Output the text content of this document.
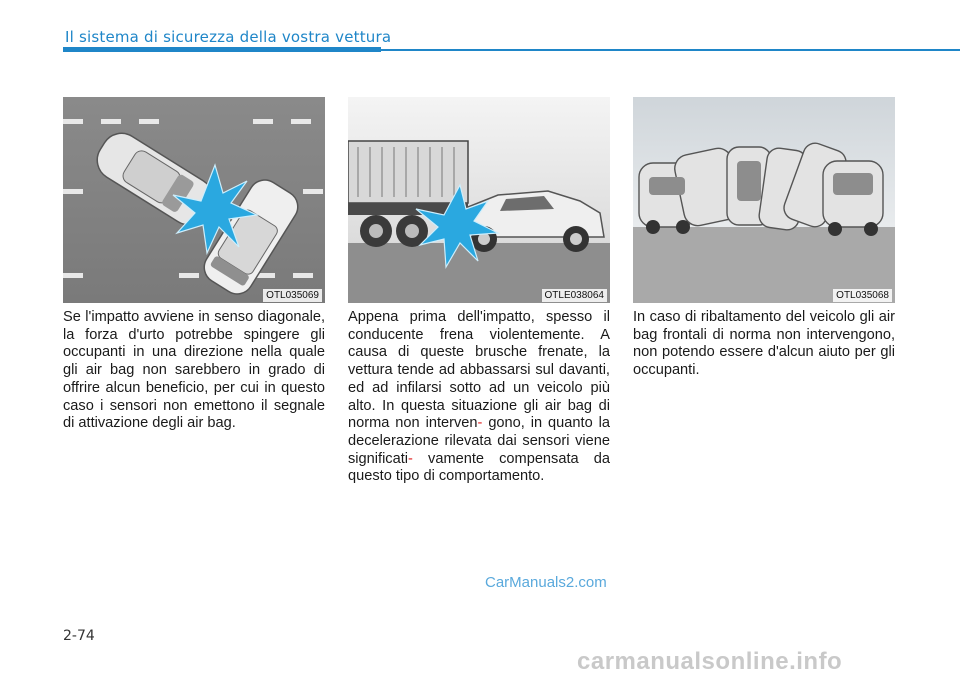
Il sistema di sicurezza della vostra vettura
OTL035069	OTLE038064	OTL035068
Se l'impatto avviene in senso diagonale, la forza d'urto potrebbe spingere gli occupanti in una direzione nella quale gli air bag non sarebbero in grado di offrire alcun beneficio, per cui in questo caso i sensori non emettono il segnale di attivazione degli air bag.
Appena prima dell'impatto, spesso il conducente frena violentemente. A causa di queste brusche frenate, la vettura tende ad abbassarsi sul davanti, ed ad infilarsi sotto ad un veicolo più alto. In questa situazione gli air bag di norma non interven- gono, in quanto la decelerazione rilevata dai sensori viene significati- vamente compensata da questo tipo di comportamento.
In caso di ribaltamento del veicolo gli air bag frontali di norma non intervengono, non potendo essere d'alcun aiuto per gli occupanti.
CarManuals2.com
2-74
carmanualsonline.info
